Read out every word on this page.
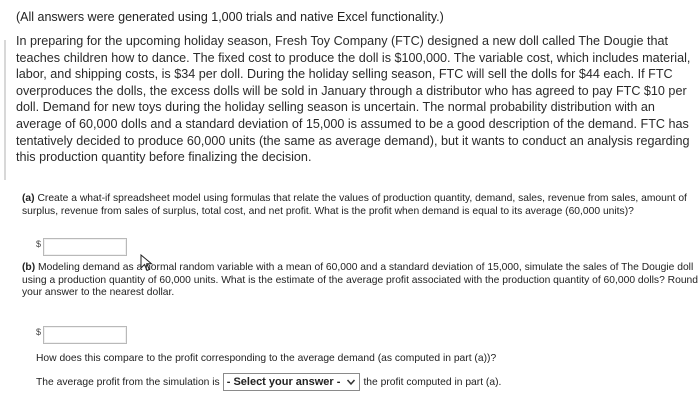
(All answers were generated using 1,000 trials and native Excel functionality.)
In preparing for the upcoming holiday season, Fresh Toy Company (FTC) designed a new doll called The Dougie that teaches children how to dance. The fixed cost to produce the doll is $100,000. The variable cost, which includes material, labor, and shipping costs, is $34 per doll. During the holiday selling season, FTC will sell the dolls for $44 each. If FTC overproduces the dolls, the excess dolls will be sold in January through a distributor who has agreed to pay FTC $10 per doll. Demand for new toys during the holiday selling season is uncertain. The normal probability distribution with an average of 60,000 dolls and a standard deviation of 15,000 is assumed to be a good description of the demand. FTC has tentatively decided to produce 60,000 units (the same as average demand), but it wants to conduct an analysis regarding this production quantity before finalizing the decision.
(a) Create a what-if spreadsheet model using formulas that relate the values of production quantity, demand, sales, revenue from sales, amount of surplus, revenue from sales of surplus, total cost, and net profit. What is the profit when demand is equal to its average (60,000 units)?
$
(b) Modeling demand as a normal random variable with a mean of 60,000 and a standard deviation of 15,000, simulate the sales of The Dougie doll using a production quantity of 60,000 units. What is the estimate of the average profit associated with the production quantity of 60,000 dolls? Round your answer to the nearest dollar.
$
How does this compare to the profit corresponding to the average demand (as computed in part (a))?
The average profit from the simulation is - Select your answer - the profit computed in part (a).
